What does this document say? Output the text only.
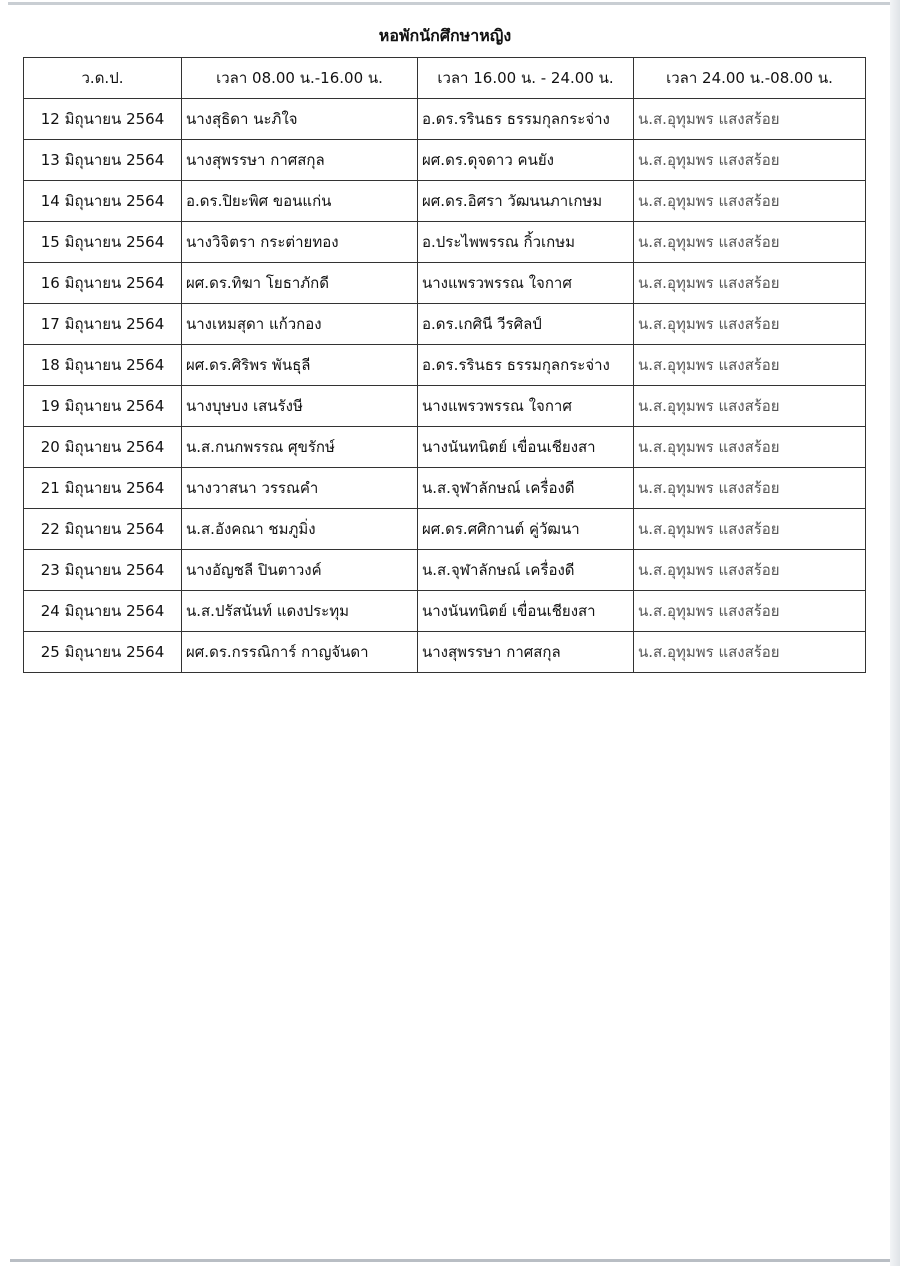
หอพักนักศึกษาหญิง
ว.ด.ป.	เวลา 08.00 น.-16.00 น.	เวลา 16.00 น. - 24.00 น.	เวลา 24.00 น.-08.00 น.
12 มิถุนายน 2564	นางสุธิดา นะภิใจ	อ.ดร.รรินธร ธรรมกุลกระจ่าง	น.ส.อุทุมพร แสงสร้อย
13 มิถุนายน 2564	นางสุพรรษา กาศสกุล	ผศ.ดร.ดุจดาว คนยัง	น.ส.อุทุมพร แสงสร้อย
14 มิถุนายน 2564	อ.ดร.ปิยะพิศ ขอนแก่น	ผศ.ดร.อิศรา วัฒนนภาเกษม	น.ส.อุทุมพร แสงสร้อย
15 มิถุนายน 2564	นางวิจิตรา กระต่ายทอง	อ.ประไพพรรณ กิ้วเกษม	น.ส.อุทุมพร แสงสร้อย
16 มิถุนายน 2564	ผศ.ดร.ทิฆา โยธาภักดี	นางแพรวพรรณ ใจกาศ	น.ส.อุทุมพร แสงสร้อย
17 มิถุนายน 2564	นางเหมสุดา แก้วกอง	อ.ดร.เกศินี วีรศิลป์	น.ส.อุทุมพร แสงสร้อย
18 มิถุนายน 2564	ผศ.ดร.ศิริพร พันธุลี	อ.ดร.รรินธร ธรรมกุลกระจ่าง	น.ส.อุทุมพร แสงสร้อย
19 มิถุนายน 2564	นางบุษบง เสนรังษี	นางแพรวพรรณ ใจกาศ	น.ส.อุทุมพร แสงสร้อย
20 มิถุนายน 2564	น.ส.กนกพรรณ ศุขรักษ์	นางนันทนิตย์ เขื่อนเชียงสา	น.ส.อุทุมพร แสงสร้อย
21 มิถุนายน 2564	นางวาสนา วรรณคำ	น.ส.จุฬาลักษณ์ เครื่องดี	น.ส.อุทุมพร แสงสร้อย
22 มิถุนายน 2564	น.ส.อังคณา ชมภูมิ่ง	ผศ.ดร.ศศิกานต์ คู่วัฒนา	น.ส.อุทุมพร แสงสร้อย
23 มิถุนายน 2564	นางอัญชลี ปินตาวงค์	น.ส.จุฬาลักษณ์ เครื่องดี	น.ส.อุทุมพร แสงสร้อย
24 มิถุนายน 2564	น.ส.ปรัสนันท์ แดงประทุม	นางนันทนิตย์ เขื่อนเชียงสา	น.ส.อุทุมพร แสงสร้อย
25 มิถุนายน 2564	ผศ.ดร.กรรณิการ์ กาญจันดา	นางสุพรรษา กาศสกุล	น.ส.อุทุมพร แสงสร้อย
